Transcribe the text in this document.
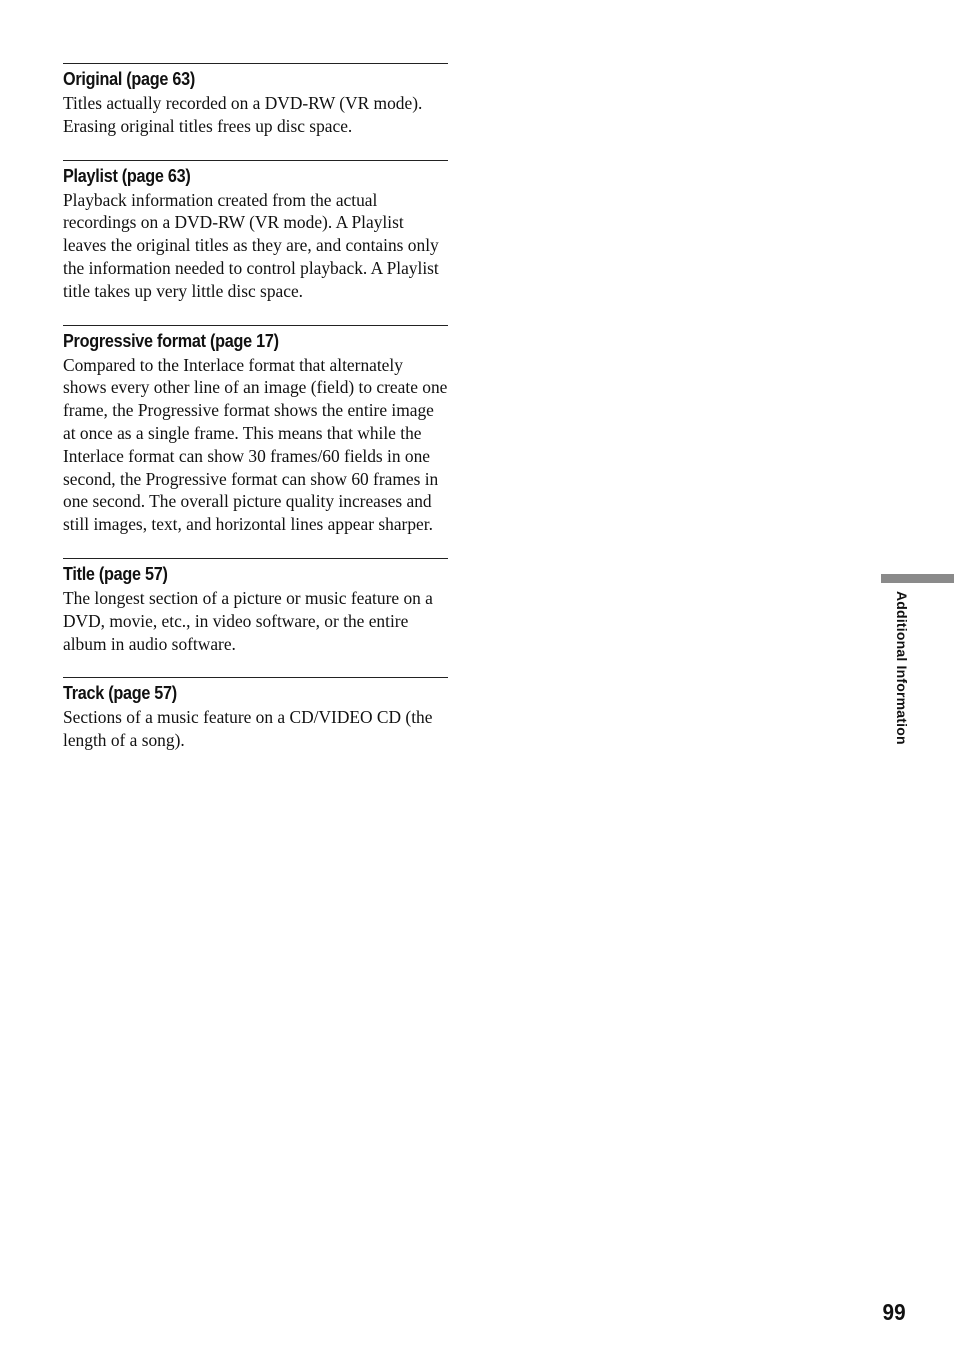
Original (page 63)

Titles actually recorded on a DVD-RW (VR mode). Erasing original titles frees up disc space.

Playlist (page 63)

Playback information created from the actual recordings on a DVD-RW (VR mode). A Playlist leaves the original titles as they are, and contains only the information needed to control playback. A Playlist title takes up very little disc space.

Progressive format (page 17)

Compared to the Interlace format that alternately shows every other line of an image (field) to create one frame, the Progressive format shows the entire image at once as a single frame. This means that while the Interlace format can show 30 frames/60 fields in one second, the Progressive format can show 60 frames in one second. The overall picture quality increases and still images, text, and horizontal lines appear sharper.

Title (page 57)

The longest section of a picture or music feature on a DVD, movie, etc., in video software, or the entire album in audio software.

Track (page 57)

Sections of a music feature on a CD/VIDEO CD (the length of a song).	Additional Information
99
